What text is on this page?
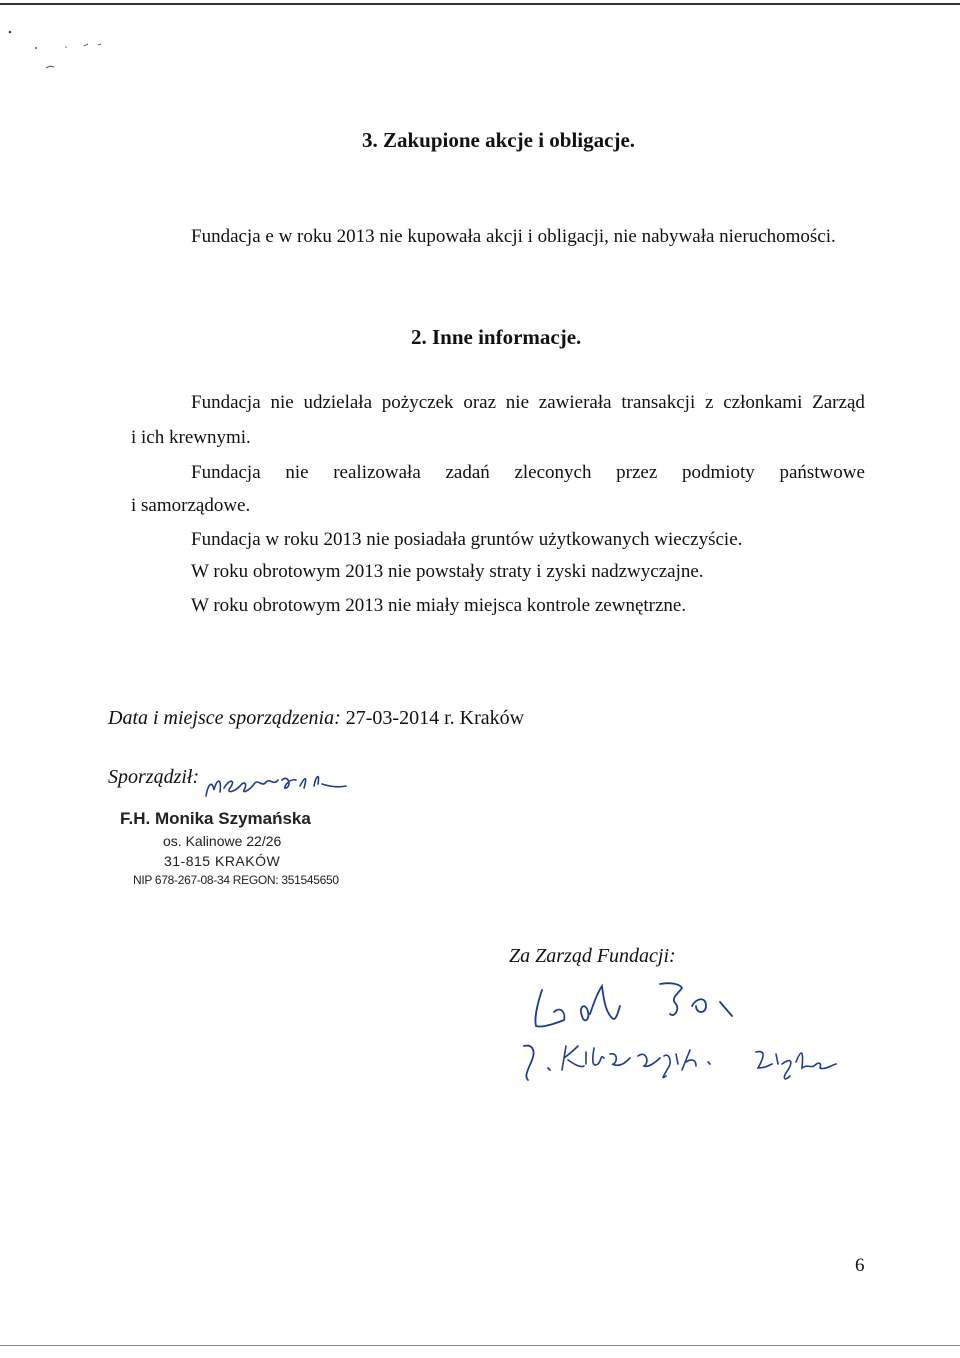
3. Zakupione akcje i obligacje.
Fundacja e w roku 2013 nie kupowała akcji i obligacji, nie nabywała nieruchomości.
2. Inne informacje.
Fundacja nie udzielała pożyczek oraz nie zawierała transakcji z członkami Zarząd
i ich krewnymi.
Fundacja nie realizowała zadań zleconych przez podmioty państwowe
i samorządowe.
Fundacja w roku 2013 nie posiadała gruntów użytkowanych wieczyście.
W roku obrotowym 2013 nie powstały straty i zyski nadzwyczajne.
W roku obrotowym 2013 nie miały miejsca kontrole zewnętrzne.
Data i miejsce sporządzenia: 27-03-2014 r. Kraków
Sporządził:
F.H. Monika Szymańska
os. Kalinowe 22/26
31-815 KRAKÓW
NIP 678-267-08-34 REGON: 351545650
Za Zarząd Fundacji:
6
